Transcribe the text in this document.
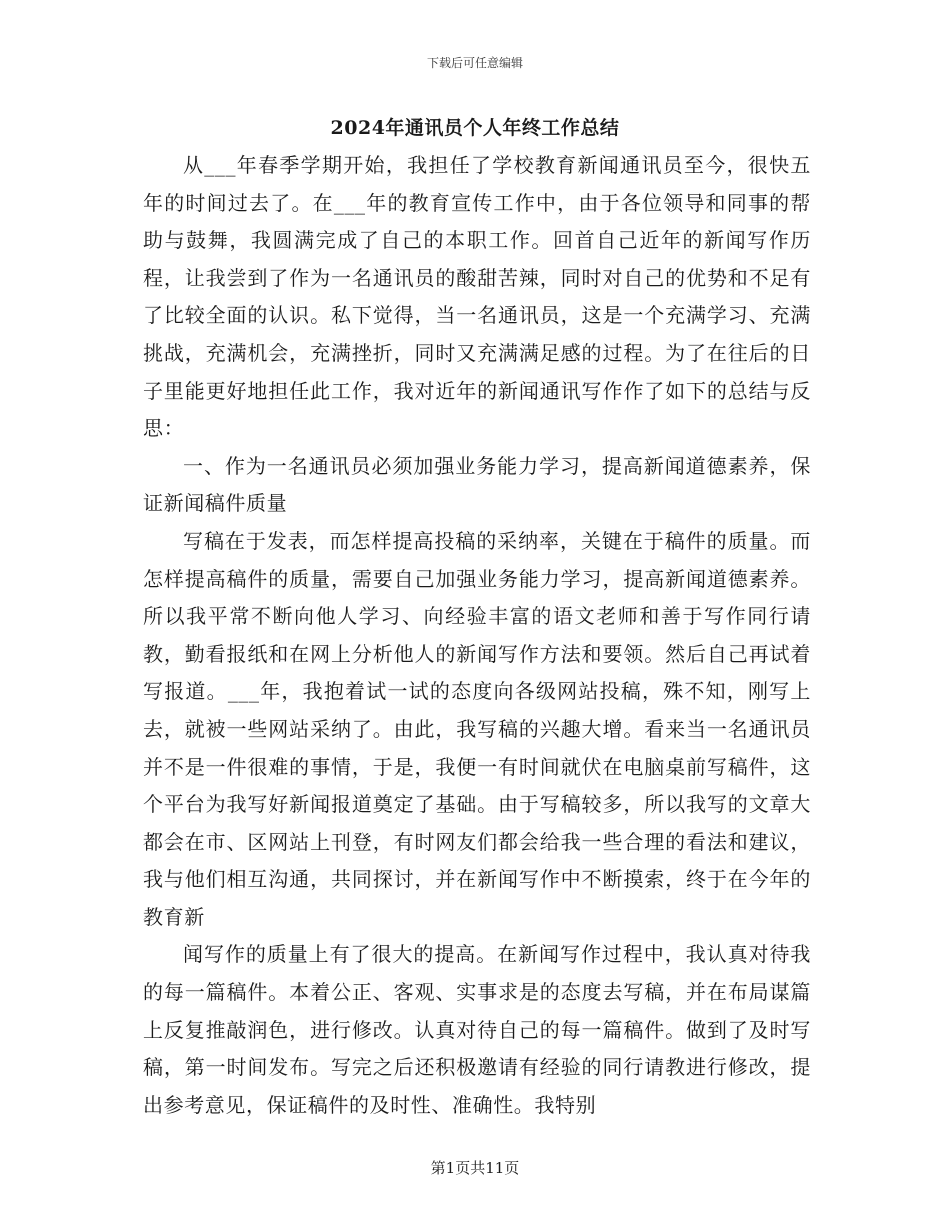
下载后可任意编辑
2024年通讯员个人年终工作总结

从___年春季学期开始，我担任了学校教育新闻通讯员至今，很快五年的时间过去了。在___年的教育宣传工作中，由于各位领导和同事的帮助与鼓舞，我圆满完成了自己的本职工作。回首自己近年的新闻写作历程，让我尝到了作为一名通讯员的酸甜苦辣，同时对自己的优势和不足有了比较全面的认识。私下觉得，当一名通讯员，这是一个充满学习、充满挑战，充满机会，充满挫折，同时又充满满足感的过程。为了在往后的日子里能更好地担任此工作，我对近年的新闻通讯写作作了如下的总结与反思：

一、作为一名通讯员必须加强业务能力学习，提高新闻道德素养，保证新闻稿件质量

写稿在于发表，而怎样提高投稿的采纳率，关键在于稿件的质量。而怎样提高稿件的质量，需要自己加强业务能力学习，提高新闻道德素养。所以我平常不断向他人学习、向经验丰富的语文老师和善于写作同行请教，勤看报纸和在网上分析他人的新闻写作方法和要领。然后自己再试着写报道。___年，我抱着试一试的态度向各级网站投稿，殊不知，刚写上去，就被一些网站采纳了。由此，我写稿的兴趣大增。看来当一名通讯员并不是一件很难的事情，于是，我便一有时间就伏在电脑桌前写稿件，这个平台为我写好新闻报道奠定了基础。由于写稿较多，所以我写的文章大都会在市、区网站上刊登，有时网友们都会给我一些合理的看法和建议，我与他们相互沟通，共同探讨，并在新闻写作中不断摸索，终于在今年的教育新

闻写作的质量上有了很大的提高。在新闻写作过程中，我认真对待我的每一篇稿件。本着公正、客观、实事求是的态度去写稿，并在布局谋篇上反复推敲润色，进行修改。认真对待自己的每一篇稿件。做到了及时写稿，第一时间发布。写完之后还积极邀请有经验的同行请教进行修改，提出参考意见，保证稿件的及时性、准确性。我特别

第1页共11页
